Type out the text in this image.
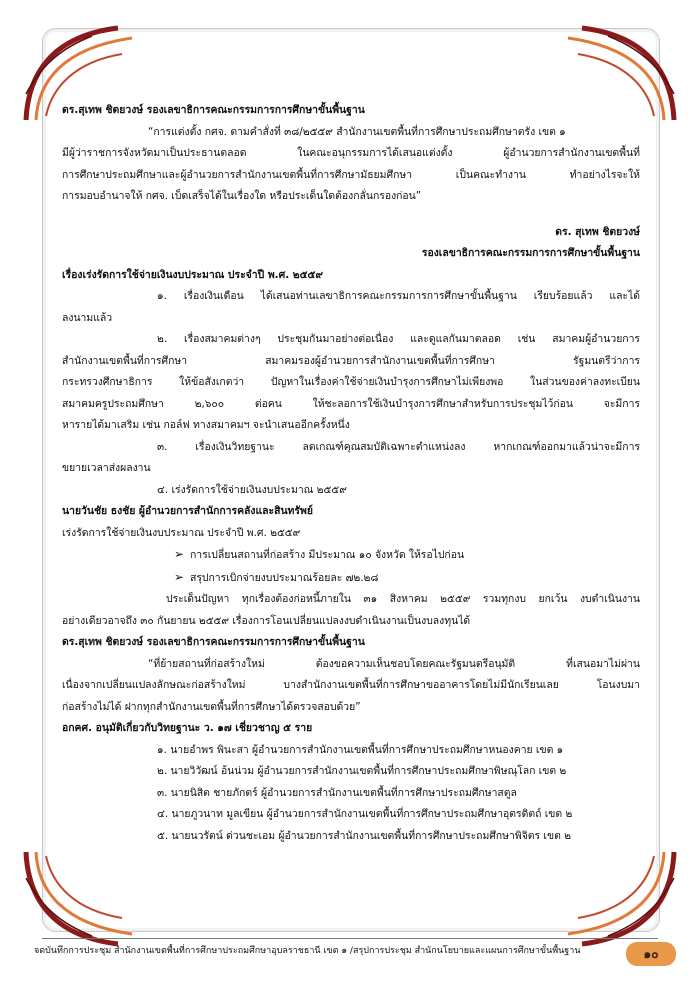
ดร.สุเทพ ชิตยวงษ์ รองเลขาธิการคณะกรรมการการศึกษาขั้นพื้นฐาน
“การแต่งตั้ง กศจ. ตามคำสั่งที่ ๓๘/๒๕๕๙ สำนักงานเขตพื้นที่การศึกษาประถมศึกษาตรัง เขต ๑
มีผู้ว่าราชการจังหวัดมาเป็นประธานตลอด ในคณะอนุกรรมการได้เสนอแต่งตั้ง ผู้อำนวยการสำนักงานเขตพื้นที่
การศึกษาประถมศึกษาและผู้อำนวยการสำนักงานเขตพื้นที่การศึกษามัธยมศึกษา เป็นคณะทำงาน ทำอย่างไรจะให้
การมอบอำนาจให้ กศจ. เบ็ดเสร็จได้ในเรื่องใด หรือประเด็นใดต้องกลั่นกรองก่อน”
ดร. สุเทพ ชิตยวงษ์
รองเลขาธิการคณะกรรมการการศึกษาขั้นพื้นฐาน
เรื่องเร่งรัดการใช้จ่ายเงินงบประมาณ ประจำปี พ.ศ. ๒๕๕๙
๑. เรื่องเงินเดือน ได้เสนอท่านเลขาธิการคณะกรรมการการศึกษาขั้นพื้นฐาน เรียบร้อยแล้ว และได้
ลงนามแล้ว
๒. เรื่องสมาคมต่างๆ ประชุมกันมาอย่างต่อเนื่อง และดูแลกันมาตลอด เช่น สมาคมผู้อำนวยการ
สำนักงานเขตพื้นที่การศึกษา สมาคมรองผู้อำนวยการสำนักงานเขตพื้นที่การศึกษา รัฐมนตรีว่าการ
กระทรวงศึกษาธิการ ให้ข้อสังเกตว่า ปัญหาในเรื่องค่าใช้จ่ายเงินบำรุงการศึกษาไม่เพียงพอ ในส่วนของค่าลงทะเบียน
สมาคมครูประถมศึกษา ๒,๖๐๐ ต่อคน ให้ชะลอการใช้เงินบำรุงการศึกษาสำหรับการประชุมไว้ก่อน จะมีการ
หารายได้มาเสริม เช่น กอล์ฟ ทางสมาคมฯ จะนำเสนออีกครั้งหนึ่ง
๓. เรื่องเงินวิทยฐานะ ลดเกณฑ์คุณสมบัติเฉพาะตำแหน่งลง หากเกณฑ์ออกมาแล้วน่าจะมีการ
ขยายเวลาส่งผลงาน
๔. เร่งรัดการใช้จ่ายเงินงบประมาณ ๒๕๕๙
นายวันชัย ธงชัย ผู้อำนวยการสำนักการคลังและสินทรัพย์
เร่งรัดการใช้จ่ายเงินงบประมาณ ประจำปี พ.ศ. ๒๕๕๙
➢ การเปลี่ยนสถานที่ก่อสร้าง มีประมาณ ๑๐ จังหวัด ให้รอไปก่อน
➢ สรุปการเบิกจ่ายงบประมาณร้อยละ ๗๒.๒๘
ประเด็นปัญหา ทุกเรื่องต้องก่อหนี้ภายใน ๓๑ สิงหาคม ๒๕๕๙ รวมทุกงบ ยกเว้น งบดำเนินงาน
อย่างเดียวอาจถึง ๓๐ กันยายน ๒๕๕๙ เรื่องการโอนเปลี่ยนแปลงงบดำเนินงานเป็นงบลงทุนได้
ดร.สุเทพ ชิตยวงษ์ รองเลขาธิการคณะกรรมการการศึกษาขั้นพื้นฐาน
“ที่ย้ายสถานที่ก่อสร้างใหม่ ต้องขอความเห็นชอบโดยคณะรัฐมนตรีอนุมัติ ที่เสนอมาไม่ผ่าน
เนื่องจากเปลี่ยนแปลงลักษณะก่อสร้างใหม่ บางสำนักงานเขตพื้นที่การศึกษาขออาคารโดยไม่มีนักเรียนเลย โอนงบมา
ก่อสร้างไม่ได้ ฝากทุกสำนักงานเขตพื้นที่การศึกษาได้ตรวจสอบด้วย”
อกคศ. อนุมัติเกี่ยวกับวิทยฐานะ ว. ๑๗ เชี่ยวชาญ ๕ ราย
๑. นายอำพร พินะสา ผู้อำนวยการสำนักงานเขตพื้นที่การศึกษาประถมศึกษาหนองคาย เขต ๑
๒. นายวิวัฒน์ อ้นน่วม ผู้อำนวยการสำนักงานเขตพื้นที่การศึกษาประถมศึกษาพิษณุโลก เขต ๒
๓. นายนิสิต ชายภักตร์ ผู้อำนวยการสำนักงานเขตพื้นที่การศึกษาประถมศึกษาสตูล
๔. นายภูวนาท มูลเขียน ผู้อำนวยการสำนักงานเขตพื้นที่การศึกษาประถมศึกษาอุตรดิตถ์ เขต ๒
๕. นายนวรัตน์ ด่วนชะเอม ผู้อำนวยการสำนักงานเขตพื้นที่การศึกษาประถมศึกษาพิจิตร เขต ๒
จดบันทึกการประชุม สำนักงานเขตพื้นที่การศึกษาประถมศึกษาอุบลราชธานี เขต ๑ /สรุปการประชุม สำนักนโยบายและแผนการศึกษาขั้นพื้นฐาน	๑๐
